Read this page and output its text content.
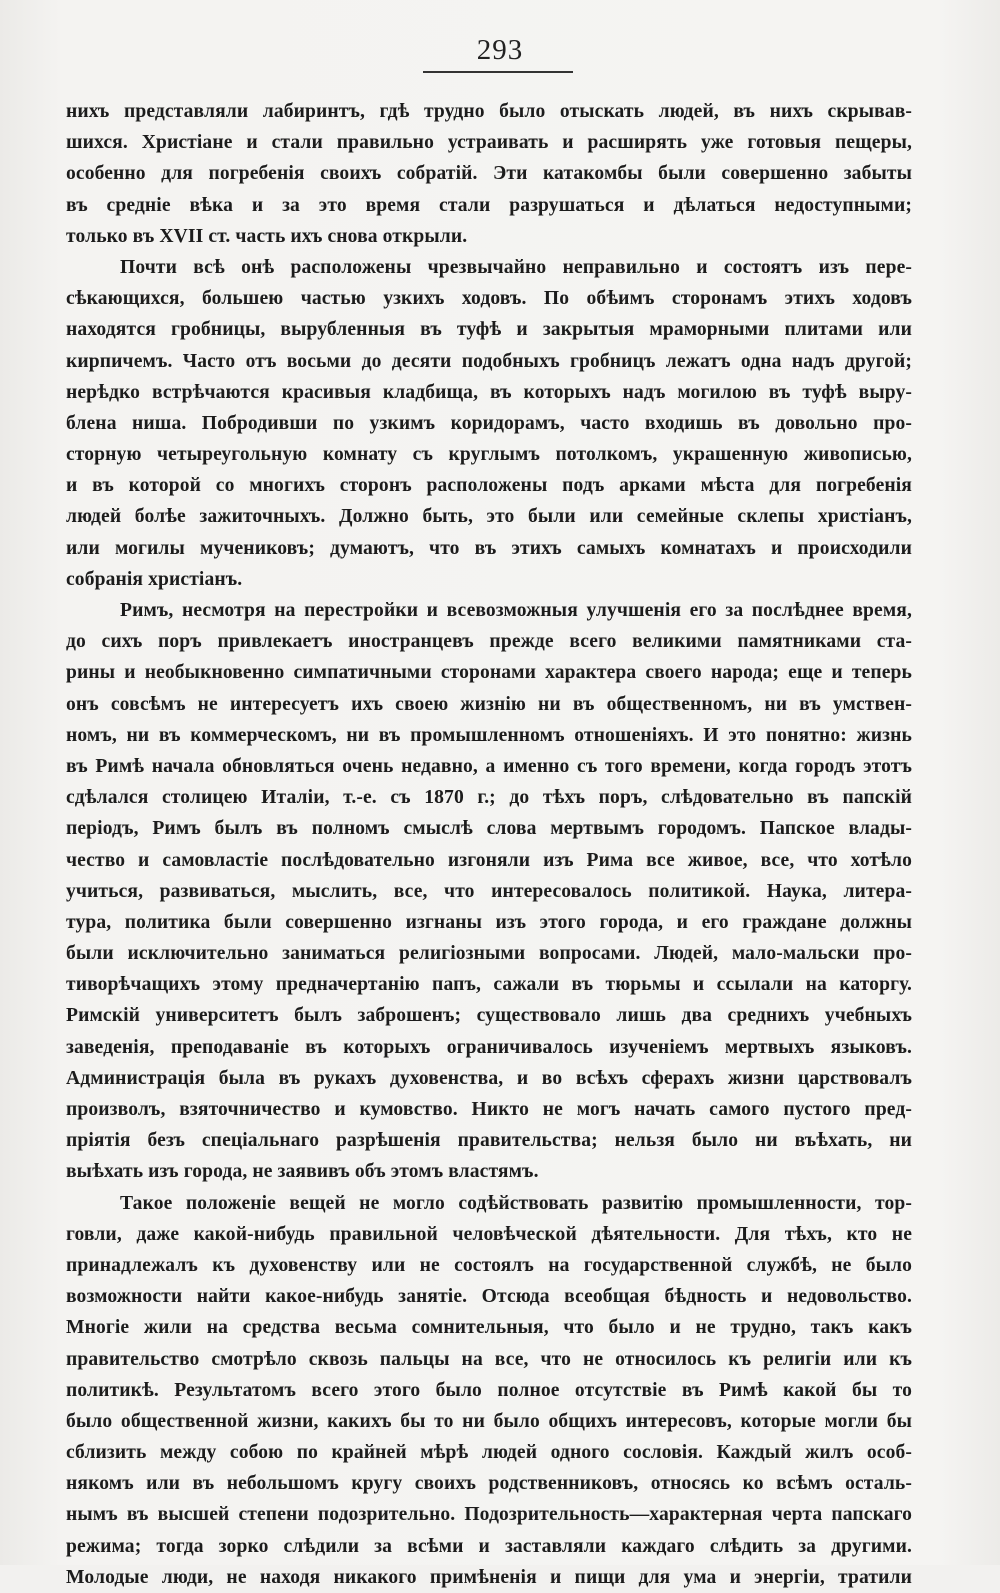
293
нихъ представляли лабиринтъ, гдѣ трудно было отыскать людей, въ нихъ скрывав-
шихся. Христiане и стали правильно устраивать и расширять уже готовыя пещеры,
особенно для погребенiя своихъ собратiй. Эти катакомбы были совершенно забыты
въ среднiе вѣка и за это время стали разрушаться и дѣлаться недоступными;
только въ XVII ст. часть ихъ снова открыли.
Почти всѣ онѣ расположены чрезвычайно неправильно и состоятъ изъ пере-
сѣкающихся, большею частью узкихъ ходовъ. По обѣимъ сторонамъ этихъ ходовъ
находятся гробницы, вырубленныя въ туфѣ и закрытыя мраморными плитами или
кирпичемъ. Часто отъ восьми до десяти подобныхъ гробницъ лежатъ одна надъ другой;
нерѣдко встрѣчаются красивыя кладбища, въ которыхъ надъ могилою въ туфѣ выру-
блена ниша. Побродивши по узкимъ коридорамъ, часто входишь въ довольно про-
сторную четыреугольную комнату съ круглымъ потолкомъ, украшенную живописью,
и въ которой со многихъ сторонъ расположены подъ арками мѣста для погребенiя
людей болѣе зажиточныхъ. Должно быть, это были или семейные склепы христiанъ,
или могилы мучениковъ; думаютъ, что въ этихъ самыхъ комнатахъ и происходили
собранiя христiанъ.
Римъ, несмотря на перестройки и всевозможныя улучшенiя его за послѣднее время,
до сихъ поръ привлекаетъ иностранцевъ прежде всего великими памятниками ста-
рины и необыкновенно симпатичными сторонами характера своего народа; еще и теперь
онъ совсѣмъ не интересуетъ ихъ своею жизнiю ни въ общественномъ, ни въ умствен-
номъ, ни въ коммерческомъ, ни въ промышленномъ отношенiяхъ. И это понятно: жизнь
въ Римѣ начала обновляться очень недавно, а именно съ того времени, когда городъ этотъ
сдѣлался столицею Италiи, т.-е. съ 1870 г.; до тѣхъ поръ, слѣдовательно въ папскiй
перiодъ, Римъ былъ въ полномъ смыслѣ слова мертвымъ городомъ. Папское влады-
чество и самовластiе послѣдовательно изгоняли изъ Рима все живое, все, что хотѣло
учиться, развиваться, мыслить, все, что интересовалось политикой. Наука, литера-
тура, политика были совершенно изгнаны изъ этого города, и его граждане должны
были исключительно заниматься религiозными вопросами. Людей, мало-мальски про-
тиворѣчащихъ этому предначертанiю папъ, сажали въ тюрьмы и ссылали на каторгу.
Римскiй университетъ былъ заброшенъ; существовало лишь два среднихъ учебныхъ
заведенiя, преподаванiе въ которыхъ ограничивалось изученiемъ мертвыхъ языковъ.
Администрацiя была въ рукахъ духовенства, и во всѣхъ сферахъ жизни царствовалъ
произволъ, взяточничество и кумовство. Никто не могъ начать самого пустого пред-
прiятiя безъ спецiальнаго разрѣшенiя правительства; нельзя было ни въѣхать, ни
выѣхать изъ города, не заявивъ объ этомъ властямъ.
Такое положенiе вещей не могло содѣйствовать развитiю промышленности, тор-
говли, даже какой-нибудь правильной человѣческой дѣятельности. Для тѣхъ, кто не
принадлежалъ къ духовенству или не состоялъ на государственной службѣ, не было
возможности найти какое-нибудь занятiе. Отсюда всеобщая бѣдность и недовольство.
Многiе жили на средства весьма сомнительныя, что было и не трудно, такъ какъ
правительство смотрѣло сквозь пальцы на все, что не относилось къ религiи или къ
политикѣ. Результатомъ всего этого было полное отсутствiе въ Римѣ какой бы то
было общественной жизни, какихъ бы то ни было общихъ интересовъ, которые могли бы
сблизить между собою по крайней мѣрѣ людей одного сословiя. Каждый жилъ особ-
някомъ или въ небольшомъ кругу своихъ родственниковъ, относясь ко всѣмъ осталь-
нымъ въ высшей степени подозрительно. Подозрительность—характерная черта папскаго
режима; тогда зорко слѣдили за всѣми и заставляли каждаго слѣдить за другими.
Молодые люди, не находя никакого примѣненiя и пищи для ума и энергiи, тратили
